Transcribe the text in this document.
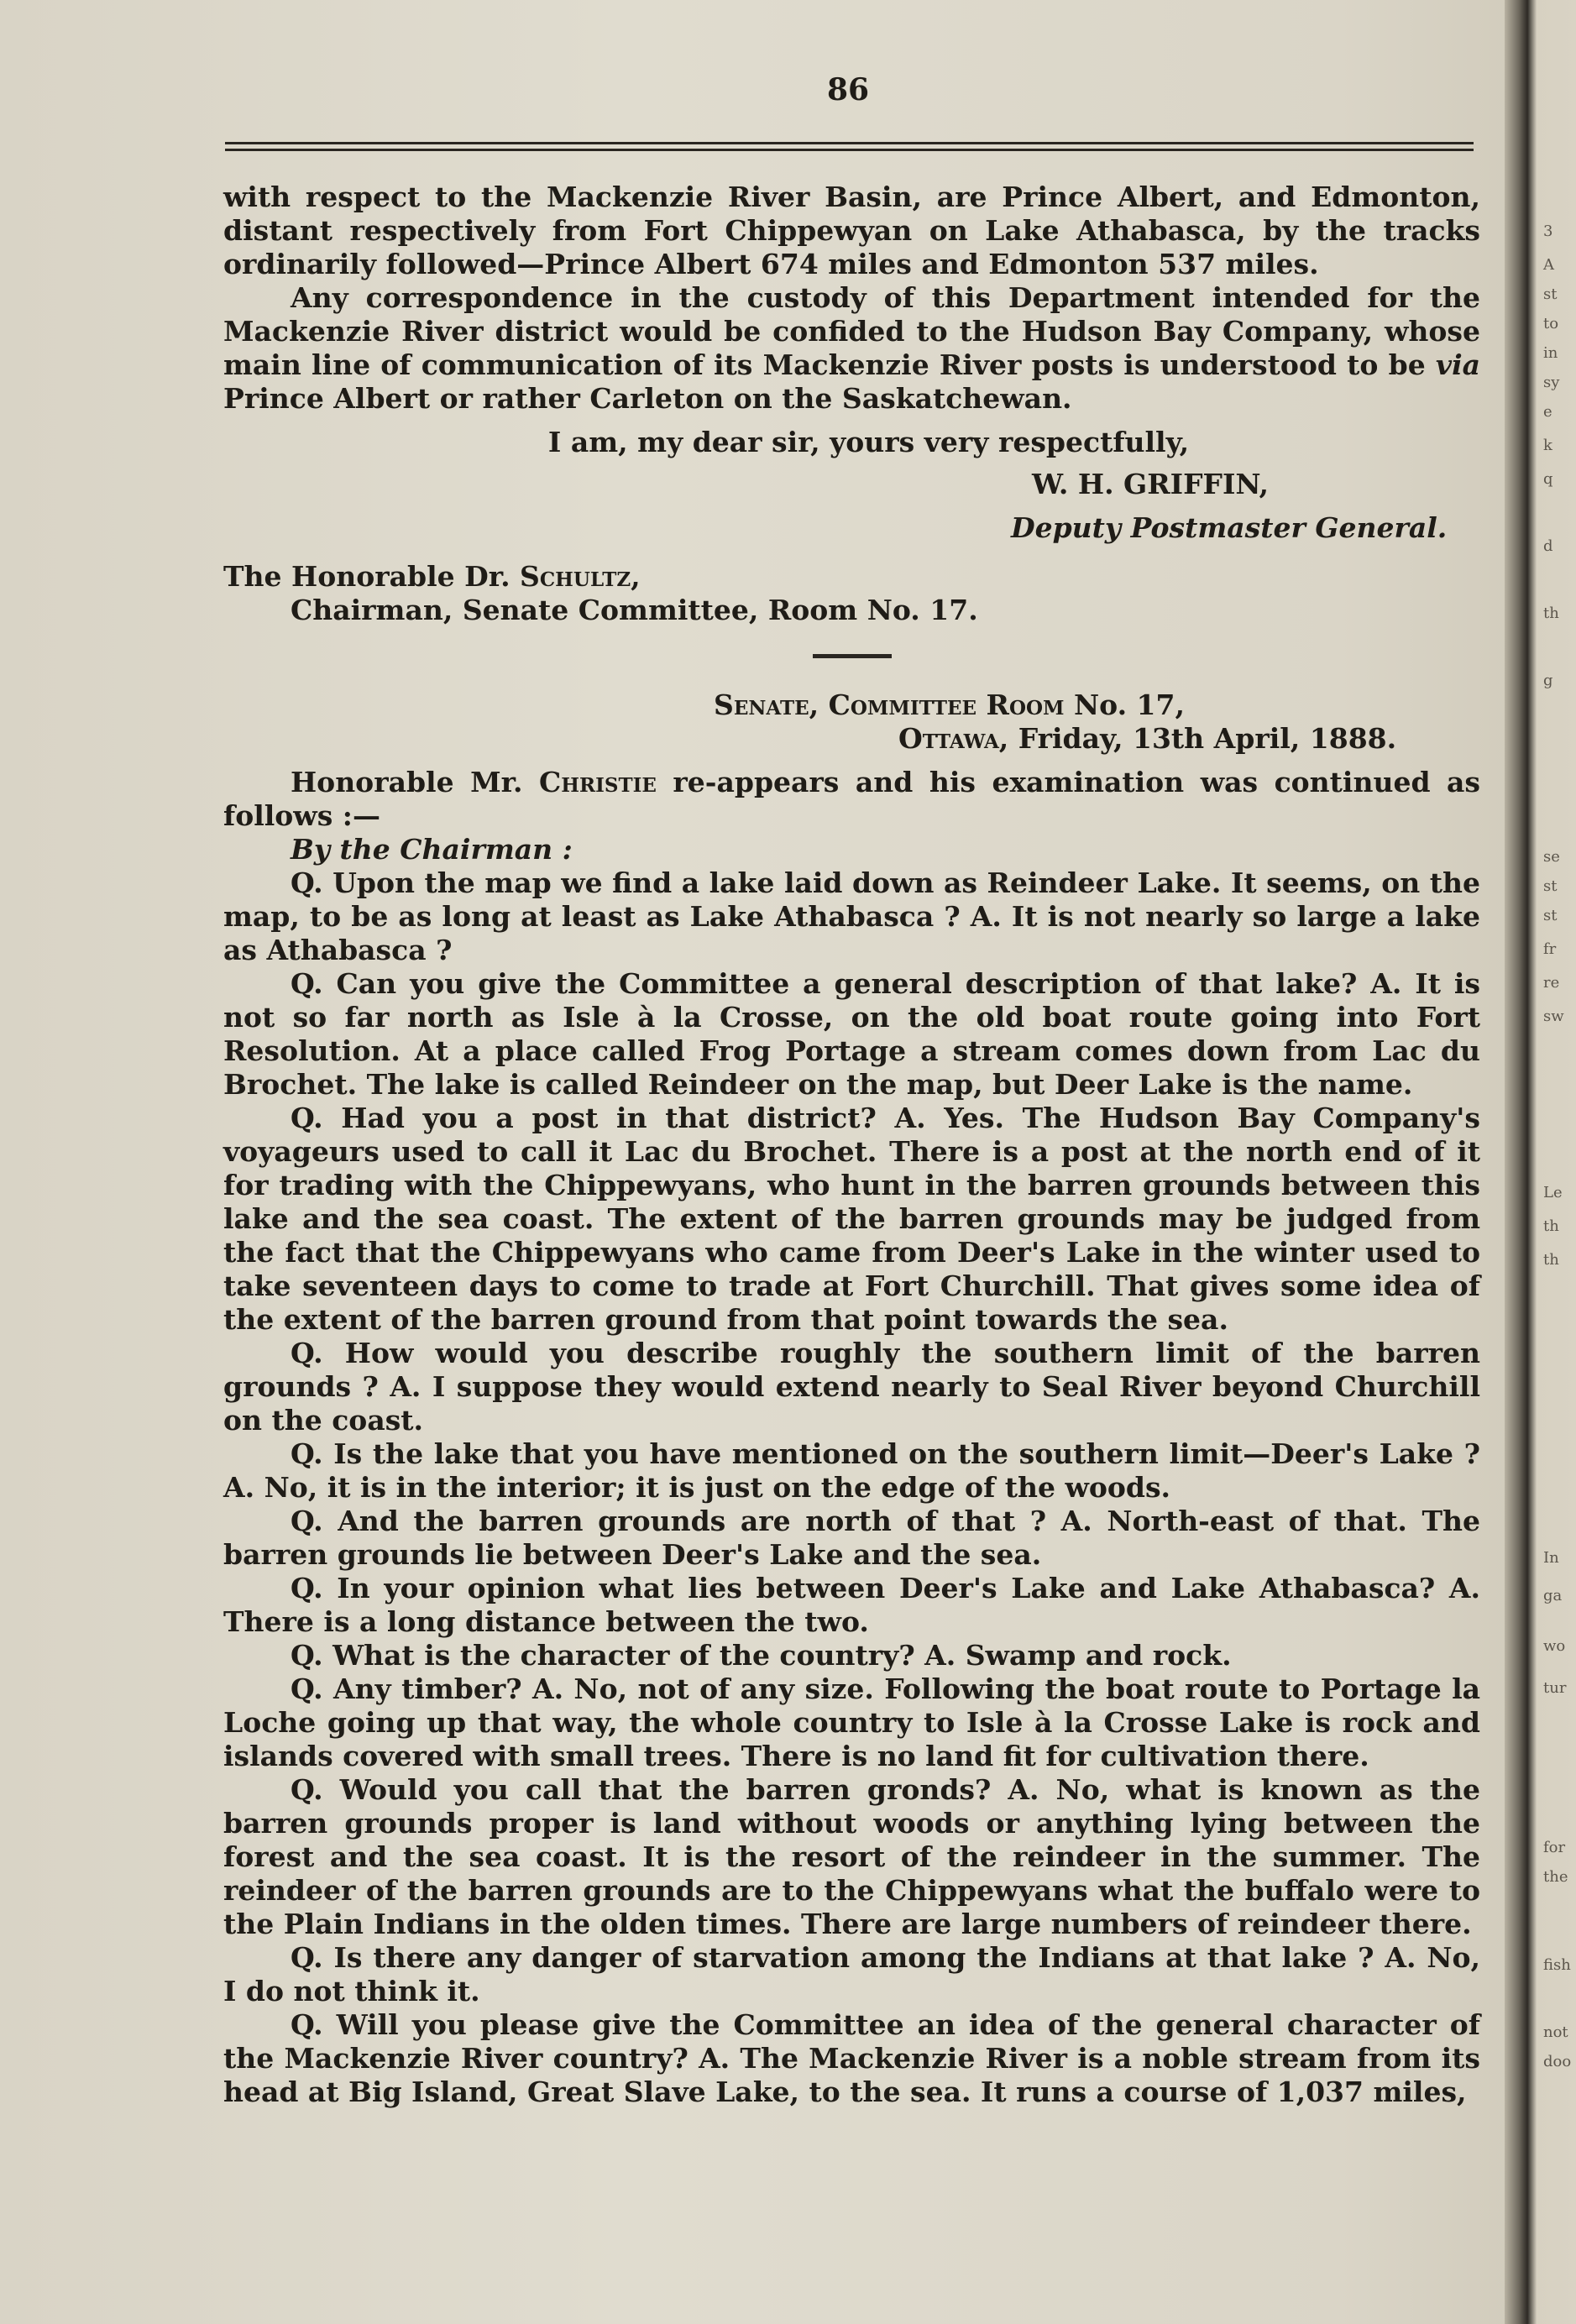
3
A
st
to
in
sy
e
k
q
d
th
g
se
st
st
fr
re
sw
Le
th
th
In
ga
wo
tur
for
the
fish
not
doo
86

with respect to the Mackenzie River Basin, are Prince Albert, and Edmonton, distant respectively from Fort Chippewyan on Lake Athabasca, by the tracks ordinarily followed—Prince Albert 674 miles and Edmonton 537 miles.

Any correspondence in the custody of this Department intended for the Mackenzie River district would be confided to the Hudson Bay Company, whose main line of communication of its Mackenzie River posts is understood to be via Prince Albert or rather Carleton on the Saskatchewan.

I am, my dear sir, yours very respectfully,

W. H. GRIFFIN,

Deputy Postmaster General.

The Honorable Dr. Schultz,

Chairman, Senate Committee, Room No. 17.

Senate, Committee Room No. 17,

Ottawa, Friday, 13th April, 1888.

Honorable Mr. Christie re-appears and his examination was continued as follows :—

By the Chairman :

Q. Upon the map we find a lake laid down as Reindeer Lake. It seems, on the map, to be as long at least as Lake Athabasca ? A. It is not nearly so large a lake as Athabasca ?

Q. Can you give the Committee a general description of that lake? A. It is not so far north as Isle à la Crosse, on the old boat route going into Fort Resolution. At a place called Frog Portage a stream comes down from Lac du Brochet. The lake is called Reindeer on the map, but Deer Lake is the name.

Q. Had you a post in that district? A. Yes. The Hudson Bay Company's voyageurs used to call it Lac du Brochet. There is a post at the north end of it for trading with the Chippewyans, who hunt in the barren grounds between this lake and the sea coast. The extent of the barren grounds may be judged from the fact that the Chippewyans who came from Deer's Lake in the winter used to take seventeen days to come to trade at Fort Churchill. That gives some idea of the extent of the barren ground from that point towards the sea.

Q. How would you describe roughly the southern limit of the barren grounds ? A. I suppose they would extend nearly to Seal River beyond Churchill on the coast.

Q. Is the lake that you have mentioned on the southern limit—Deer's Lake ? A. No, it is in the interior; it is just on the edge of the woods.

Q. And the barren grounds are north of that ? A. North-east of that. The barren grounds lie between Deer's Lake and the sea.

Q. In your opinion what lies between Deer's Lake and Lake Athabasca? A. There is a long distance between the two.

Q. What is the character of the country? A. Swamp and rock.

Q. Any timber? A. No, not of any size. Following the boat route to Portage la Loche going up that way, the whole country to Isle à la Crosse Lake is rock and islands covered with small trees. There is no land fit for cultivation there.

Q. Would you call that the barren gronds? A. No, what is known as the barren grounds proper is land without woods or anything lying between the forest and the sea coast. It is the resort of the reindeer in the summer. The reindeer of the barren grounds are to the Chippewyans what the buffalo were to the Plain Indians in the olden times. There are large numbers of reindeer there.

Q. Is there any danger of starvation among the Indians at that lake ? A. No, I do not think it.

Q. Will you please give the Committee an idea of the general character of the Mackenzie River country? A. The Mackenzie River is a noble stream from its head at Big Island, Great Slave Lake, to the sea. It runs a course of 1,037 miles,
